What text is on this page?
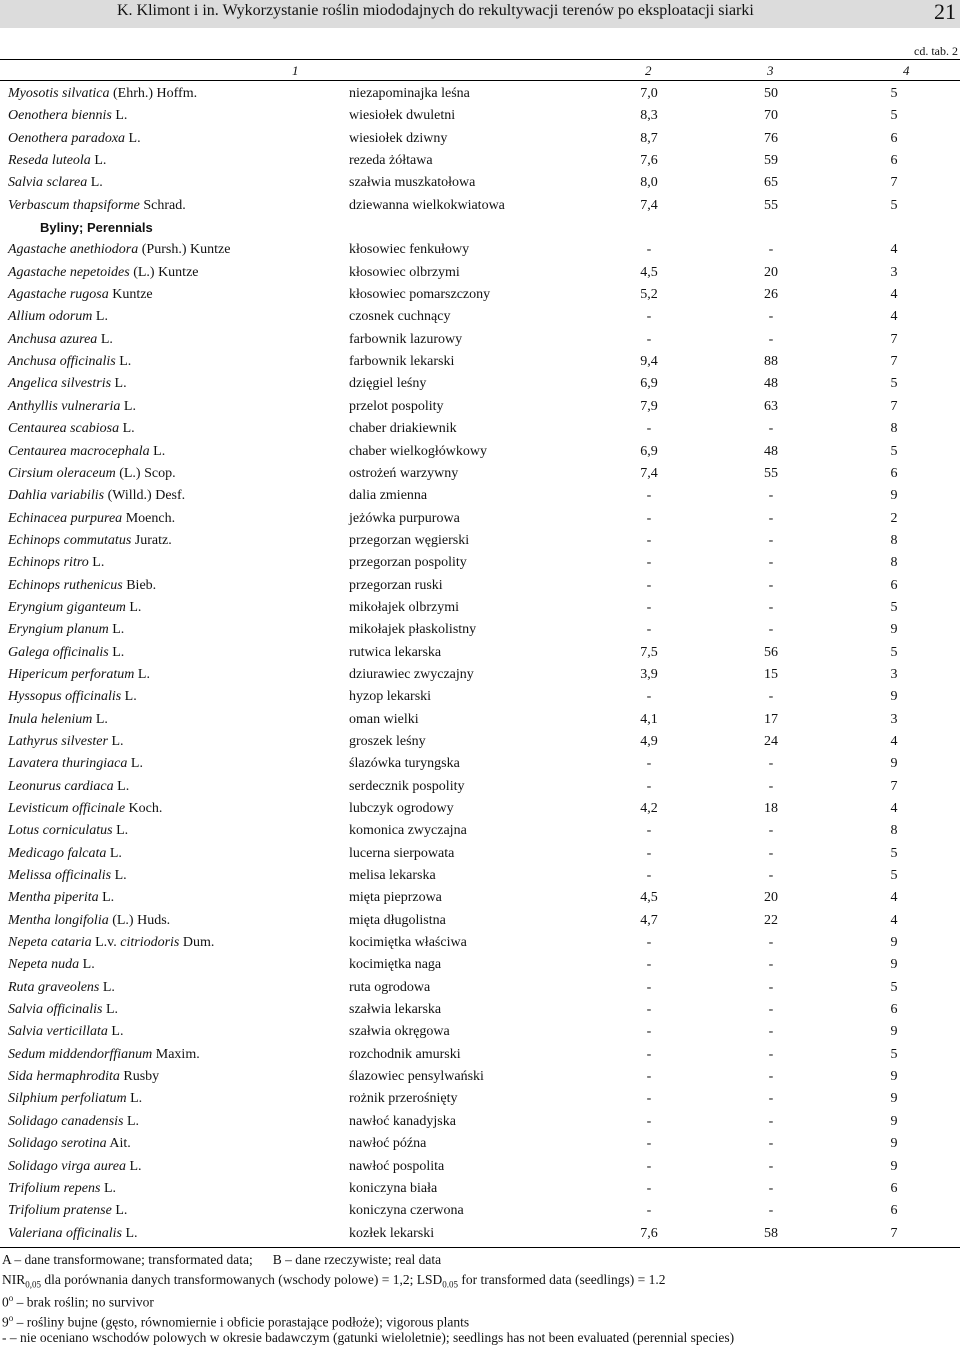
K. Klimont i in. Wykorzystanie roślin miododajnych do rekultywacji terenów po eksploatacji siarki	21
cd. tab. 2
1	2	3	4
Myosotis silvatica (Ehrh.) Hoffm.	niezapominajka leśna	7,0	50	5
Oenothera biennis L.	wiesiołek dwuletni	8,3	70	5
Oenothera paradoxa L.	wiesiołek dziwny	8,7	76	6
Reseda luteola L.	rezeda żółtawa	7,6	59	6
Salvia sclarea L.	szałwia muszkatołowa	8,0	65	7
Verbascum thapsiforme Schrad.	dziewanna wielkokwiatowa	7,4	55	5
Byliny; Perennials
Agastache anethiodora (Pursh.) Kuntze	kłosowiec fenkułowy	-	-	4
Agastache nepetoides (L.) Kuntze	kłosowiec olbrzymi	4,5	20	3
Agastache rugosa Kuntze	kłosowiec pomarszczony	5,2	26	4
Allium odorum L.	czosnek cuchnący	-	-	4
Anchusa azurea L.	farbownik lazurowy	-	-	7
Anchusa officinalis L.	farbownik lekarski	9,4	88	7
Angelica silvestris L.	dzięgiel leśny	6,9	48	5
Anthyllis vulneraria L.	przelot pospolity	7,9	63	7
Centaurea scabiosa L.	chaber driakiewnik	-	-	8
Centaurea macrocephala L.	chaber wielkogłówkowy	6,9	48	5
Cirsium oleraceum (L.) Scop.	ostrożeń warzywny	7,4	55	6
Dahlia variabilis (Willd.) Desf.	dalia zmienna	-	-	9
Echinacea purpurea Moench.	jeżówka purpurowa	-	-	2
Echinops commutatus Juratz.	przegorzan węgierski	-	-	8
Echinops ritro L.	przegorzan pospolity	-	-	8
Echinops ruthenicus Bieb.	przegorzan ruski	-	-	6
Eryngium giganteum L.	mikołajek olbrzymi	-	-	5
Eryngium planum L.	mikołajek płaskolistny	-	-	9
Galega officinalis L.	rutwica lekarska	7,5	56	5
Hipericum perforatum L.	dziurawiec zwyczajny	3,9	15	3
Hyssopus officinalis L.	hyzop lekarski	-	-	9
Inula helenium L.	oman wielki	4,1	17	3
Lathyrus silvester L.	groszek leśny	4,9	24	4
Lavatera thuringiaca L.	ślazówka turyngska	-	-	9
Leonurus cardiaca L.	serdecznik pospolity	-	-	7
Levisticum officinale Koch.	lubczyk ogrodowy	4,2	18	4
Lotus corniculatus L.	komonica zwyczajna	-	-	8
Medicago falcata L.	lucerna sierpowata	-	-	5
Melissa officinalis L.	melisa lekarska	-	-	5
Mentha piperita L.	mięta pieprzowa	4,5	20	4
Mentha longifolia (L.) Huds.	mięta długolistna	4,7	22	4
Nepeta cataria L.v. citriodoris Dum.	kocimiętka właściwa	-	-	9
Nepeta nuda L.	kocimiętka naga	-	-	9
Ruta graveolens L.	ruta ogrodowa	-	-	5
Salvia officinalis L.	szałwia lekarska	-	-	6
Salvia verticillata L.	szałwia okręgowa	-	-	9
Sedum middendorffianum Maxim.	rozchodnik amurski	-	-	5
Sida hermaphrodita Rusby	ślazowiec pensylwański	-	-	9
Silphium perfoliatum L.	rożnik przerośnięty	-	-	9
Solidago canadensis L.	nawłoć kanadyjska	-	-	9
Solidago serotina Ait.	nawłoć późna	-	-	9
Solidago virga aurea L.	nawłoć pospolita	-	-	9
Trifolium repens L.	koniczyna biała	-	-	6
Trifolium pratense L.	koniczyna czerwona	-	-	6
Valeriana officinalis L.	kozłek lekarski	7,6	58	7
A – dane transformowane; transformated data; B – dane rzeczywiste; real data
$NIR_{0,05}$ dla porównania danych transformowanych (wschody polowe) = 1,2; $LSD_{0.05}$ for transformed data (seedlings) = 1.2
0$^o$ – brak roślin; no survivor
9$^o$ – rośliny bujne (gęsto, równomiernie i obficie porastające podłoże); vigorous plants
- – nie oceniano wschodów polowych w okresie badawczym (gatunki wieloletnie); seedlings has not been evaluated (perennial species)
